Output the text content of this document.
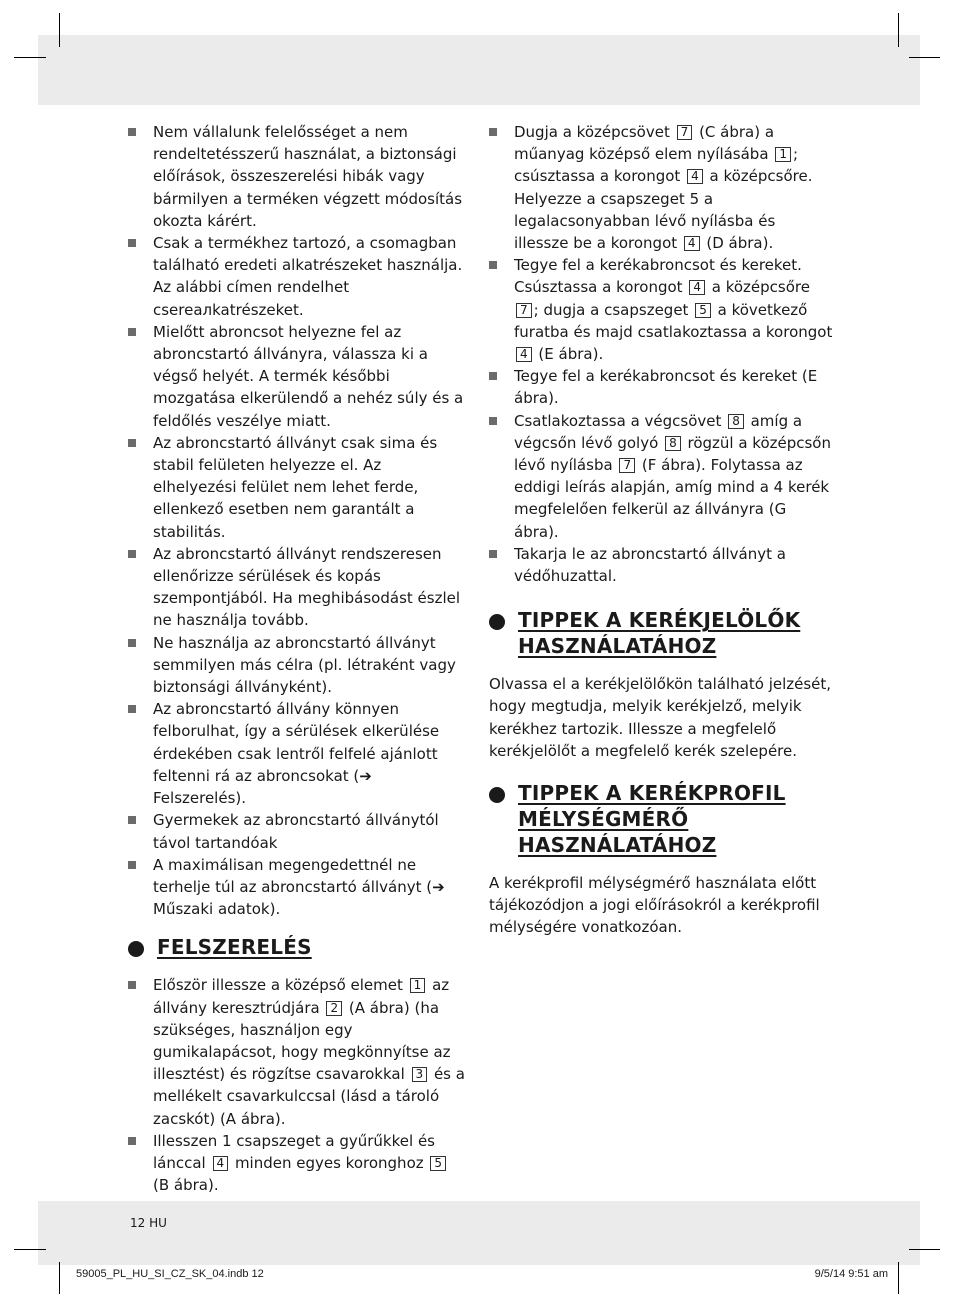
Nem vállalunk felelősséget a nem rendeltetésszerű használat, a biztonsági előírások, összeszerelési hibák vagy bármilyen a terméken végzett módosítás okozta kárért.
Csak a termékhez tartozó, a csomagban található eredeti alkatrészeket használja. Az alábbi címen rendelhet csereалkatrészeket.
Mielőtt abroncsot helyezne fel az abroncstartó állványra, válassza ki a végső helyét. A termék későbbi mozgatása elkerülendő a nehéz súly és a feldőlés veszélye miatt.
Az abroncstartó állványt csak sima és stabil felületen helyezze el. Az elhelyezési felület nem lehet ferde, ellenkező esetben nem garantált a stabilitás.
Az abroncstartó állványt rendszeresen ellenőrizze sérülések és kopás szempontjából. Ha meghibásodást észlel ne használja tovább.
Ne használja az abroncstartó állványt semmilyen más célra (pl. létraként vagy biztonsági állványként).
Az abroncstartó állvány könnyen felborulhat, így a sérülések elkerülése érdekében csak lentről felfelé ajánlott feltenni rá az abroncsokat (➔ Felszerelés).
Gyermekek az abroncstartó állványtól távol tartandóak
A maximálisan megengedettnél ne terhelje túl az abroncstartó állványt (➔ Műszaki adatok).
FELSZERELÉS
Először illessze a középső elemet 1 az állvány keresztrúdjára 2 (A ábra) (ha szükséges, használjon egy gumikalapácsot, hogy megkönnyítse az illesztést) és rögzítse csavarokkal 3 és a mellékelt csavarkulccsal (lásd a tároló zacskót) (A ábra).
Illesszen 1 csapszeget a gyűrűkkel és lánccal 4 minden egyes koronghoz 5 (B ábra).
Dugja a középcsövet 7 (C ábra) a műanyag középső elem nyílásába 1 ; csúsztassa a korongot 4 a középcsőre. Helyezze a csapszeget 5 a legalacsonyabban lévő nyílásba és illessze be a korongot 4 (D ábra).
Tegye fel a kerékabroncsot és kereket. Csúsztassa a korongot 4 a középcsőre 7 ; dugja a csapszeget 5 a következő furatba és majd csatlakoztassa a korongot 4 (E ábra).
Tegye fel a kerékabroncsot és kereket (E ábra).
Csatlakoztassa a végcsövet 8 amíg a végcsőn lévő golyó 8 rögzül a középcsőn lévő nyílásba 7 (F ábra). Folytassa az eddigi leírás alapján, amíg mind a 4 kerék megfelelően felkerül az állványra (G ábra).
Takarja le az abroncstartó állványt a védőhuzattal.
TIPPEK A KERÉKJELÖLŐK HASZNÁLATÁHOZ

Olvassa el a kerékjelölőkön található jelzését, hogy megtudja, melyik kerékjelző, melyik kerékhez tartozik. Illessze a megfelelő kerékjelölőt a megfelelő kerék szelepére.

TIPPEK A KERÉKPROFIL MÉLYSÉGMÉRŐ HASZNÁLATÁHOZ

A kerékprofil mélységmérő használata előtt tájékozódjon a jogi előírásokról a kerékprofil mélységére vonatkozóan.

12 HU
59005_PL_HU_SI_CZ_SK_04.indb 12	9/5/14 9:51 am
